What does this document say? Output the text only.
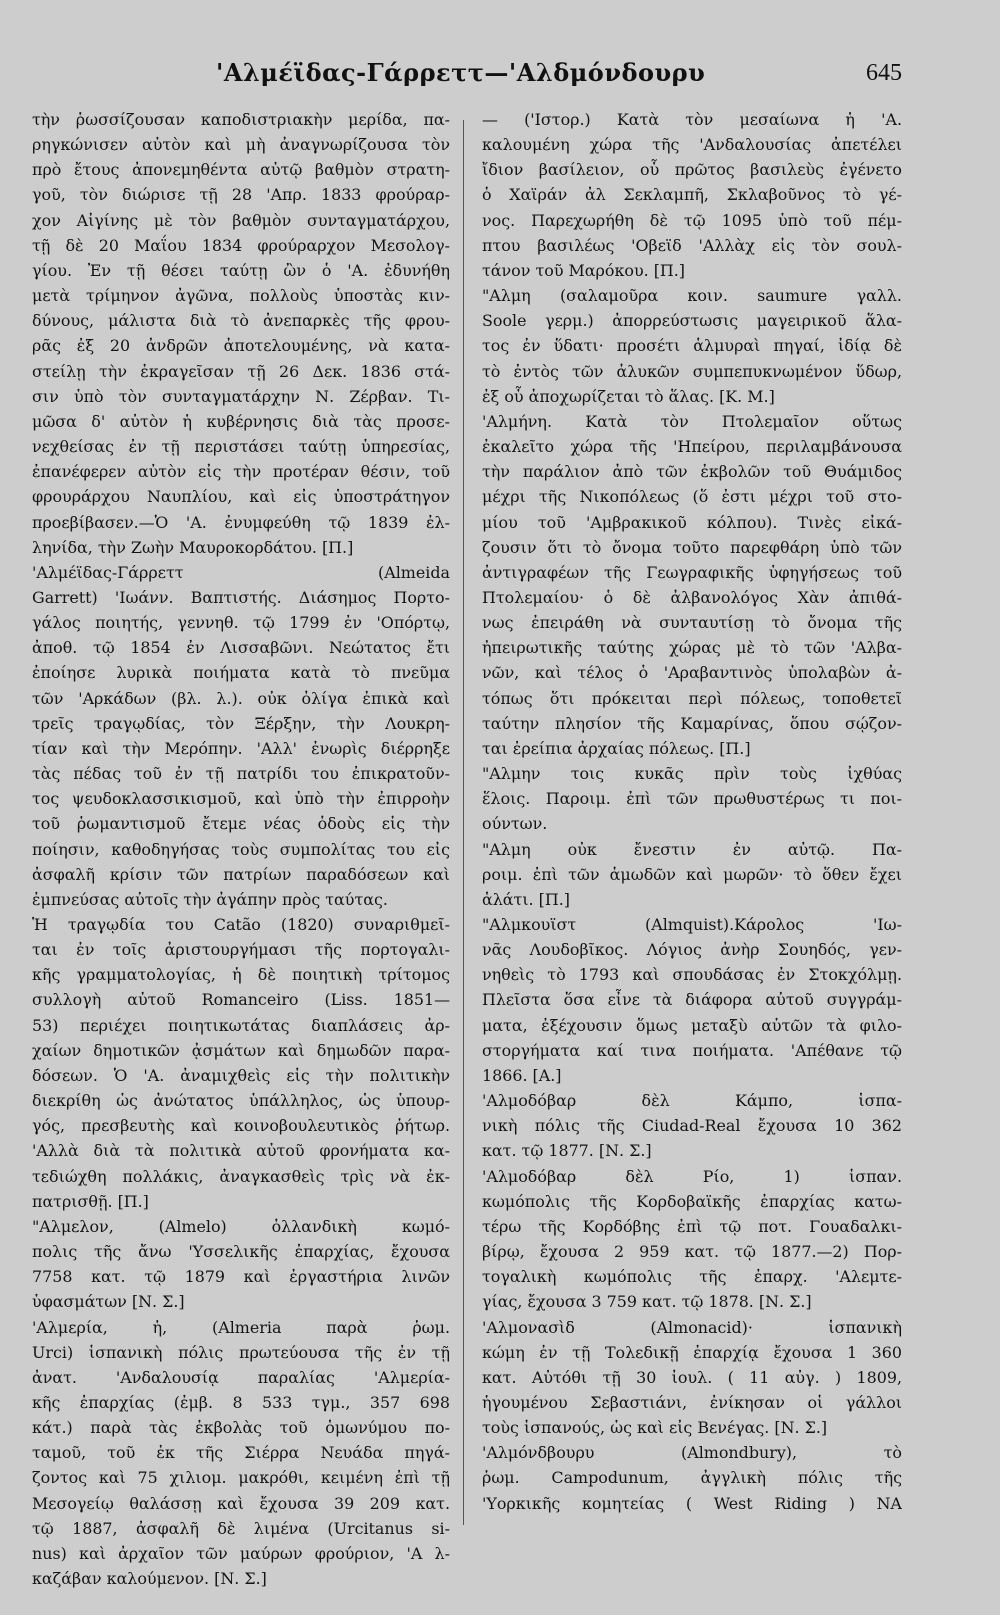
'Αλμέϊδας-Γάρρεττ—'Αλδμόνδουρυ	645
τὴν ῥωσσίζουσαν καποδιστριακὴν μερίδα, πα-
ρηγκώνισεν αὐτὸν καὶ μὴ ἀναγνωρίζουσα τὸν
πρὸ ἔτους ἀπονεμηθέντα αὐτῷ βαθμὸν στρατη-
γοῦ, τὸν διώρισε τῇ 28 'Απρ. 1833 φρούραρ-
χον Αἰγίνης μὲ τὸν βαθμὸν συνταγματάρχου,
τῇ δὲ 20 Μαΐου 1834 φρούραρχον Μεσολογ-
γίου. Ἐν τῇ θέσει ταύτῃ ὢν ὁ 'Α. ἐδυνήθη
μετὰ τρίμηνον ἀγῶνα, πολλοὺς ὑποστὰς κιν-
δύνους, μάλιστα διὰ τὸ ἀνεπαρκὲς τῆς φρου-
ρᾶς ἐξ 20 ἀνδρῶν ἀποτελουμένης, νὰ κατα-
στείλῃ τὴν ἐκραγεῖσαν τῇ 26 Δεκ. 1836 στά-
σιν ὑπὸ τὸν συνταγματάρχην Ν. Ζέρβαν. Τι-
μῶσα δ' αὐτὸν ἡ κυβέρνησις διὰ τὰς προσε-
νεχθείσας ἐν τῇ περιστάσει ταύτῃ ὑπηρεσίας,
ἐπανέφερεν αὐτὸν εἰς τὴν προτέραν θέσιν, τοῦ
φρουράρχου Ναυπλίου, καὶ εἰς ὑποστράτηγον
προεβίβασεν.—Ὁ 'Α. ἐνυμφεύθη τῷ 1839 ἐλ-
ληνίδα, τὴν Ζωὴν Μαυροκορδάτου. [Π.]
'Αλμέϊδας-Γάρρεττ (Almeida
Garrett) 'Ιωάνν. Βαπτιστής. Διάσημος Πορτο-
γάλος ποιητής, γεννηθ. τῷ 1799 ἐν 'Οπόρτῳ,
ἀποθ. τῷ 1854 ἐν Λισσαβῶνι. Νεώτατος ἔτι
ἐποίησε λυρικὰ ποιήματα κατὰ τὸ πνεῦμα
τῶν 'Αρκάδων (βλ. λ.). οὐκ ὀλίγα ἐπικὰ καὶ
τρεῖς τραγῳδίας, τὸν Ξέρξην, τὴν Λουκρη-
τίαν καὶ τὴν Μερόπην. 'Αλλ' ἐνωρὶς διέρρηξε
τὰς πέδας τοῦ ἐν τῇ πατρίδι του ἐπικρατοῦν-
τος ψευδοκλασσικισμοῦ, καὶ ὑπὸ τὴν ἐπιρροὴν
τοῦ ῥωμαντισμοῦ ἔτεμε νέας ὁδοὺς εἰς τὴν
ποίησιν, καθοδηγήσας τοὺς συμπολίτας του εἰς
ἀσφαλῆ κρίσιν τῶν πατρίων παραδόσεων καὶ
ἐμπνεύσας αὐτοῖς τὴν ἀγάπην πρὸς ταύτας.
Ἡ τραγῳδία του Catão (1820) συναριθμεῖ-
ται ἐν τοῖς ἀριστουργήμασι τῆς πορτογαλι-
κῆς γραμματολογίας, ἡ δὲ ποιητικὴ τρίτομος
συλλογὴ αὐτοῦ Romanceiro (Liss. 1851—
53) περιέχει ποιητικωτάτας διαπλάσεις ἀρ-
χαίων δημοτικῶν ᾀσμάτων καὶ δημωδῶν παρα-
δόσεων. Ὁ 'Α. ἀναμιχθεὶς εἰς τὴν πολιτικὴν
διεκρίθη ὡς ἀνώτατος ὑπάλληλος, ὡς ὑπουρ-
γός, πρεσβευτὴς καὶ κοινοβουλευτικὸς ῥήτωρ.
'Αλλὰ διὰ τὰ πολιτικὰ αὐτοῦ φρονήματα κα-
τεδιώχθη πολλάκις, ἀναγκασθεὶς τρὶς νὰ ἐκ-
πατρισθῇ. [Π.]
"Αλμελον, (Almelo) ὁλλανδικὴ κωμό-
πολις τῆς ἄνω 'Υσσελικῆς ἐπαρχίας, ἔχουσα
7758 κατ. τῷ 1879 καὶ ἐργαστήρια λινῶν
ὑφασμάτων [Ν. Σ.]
'Αλμερία, ἡ, (Almeria παρὰ ῥωμ.
Urci) ἱσπανικὴ πόλις πρωτεύουσα τῆς ἐν τῇ
ἀνατ. 'Ανδαλουσίᾳ παραλίας 'Αλμερία-
κῆς ἐπαρχίας (ἐμβ. 8 533 τγμ., 357 698
κάτ.) παρὰ τὰς ἐκβολὰς τοῦ ὁμωνύμου πο-
ταμοῦ, τοῦ ἐκ τῆς Σιέρρα Νευάδα πηγά-
ζοντος καὶ 75 χιλιομ. μακρόθι, κειμένη ἐπὶ τῇ
Μεσογείῳ θαλάσσῃ καὶ ἔχουσα 39 209 κατ.
τῷ 1887, ἀσφαλῆ δὲ λιμένα (Urcitanus si-
nus) καὶ ἀρχαῖον τῶν μαύρων φρούριον, 'Α λ-
καζάβαν καλούμενον. [Ν. Σ.]
— ('Ιστορ.) Κατὰ τὸν μεσαίωνα ἡ 'Α.
καλουμένη χώρα τῆς 'Ανδαλουσίας ἀπετέλει
ἴδιον βασίλειον, οὗ πρῶτος βασιλεὺς ἐγένετο
ὁ Χαϊράν ἀλ Σεκλαμπῆ, Σκλαβοῦνος τὸ γέ-
νος. Παρεχωρήθη δὲ τῷ 1095 ὑπὸ τοῦ πέμ-
πτου βασιλέως 'Οβεϊδ 'Αλλὰχ εἰς τὸν σουλ-
τάνον τοῦ Μαρόκου. [Π.]
"Αλμη (σαλαμοῦρα κοιν. saumure γαλλ.
Soole γερμ.) ἀπορρεύστωσις μαγειρικοῦ ἅλα-
τος ἐν ὕδατι· προσέτι ἁλμυραὶ πηγαί, ἰδίᾳ δὲ
τὸ ἐντὸς τῶν ἁλυκῶν συμπεπυκνωμένον ὕδωρ,
ἐξ οὗ ἀποχωρίζεται τὸ ἅλας. [Κ. Μ.]
'Αλμήνη. Κατὰ τὸν Πτολεμαῖον οὕτως
ἐκαλεῖτο χώρα τῆς 'Ηπείρου, περιλαμβάνουσα
τὴν παράλιον ἀπὸ τῶν ἐκβολῶν τοῦ Θυάμιδος
μέχρι τῆς Νικοπόλεως (ὅ ἐστι μέχρι τοῦ στο-
μίου τοῦ 'Αμβρακικοῦ κόλπου). Τινὲς εἰκά-
ζουσιν ὅτι τὸ ὄνομα τοῦτο παρεφθάρη ὑπὸ τῶν
ἀντιγραφέων τῆς Γεωγραφικῆς ὑφηγήσεως τοῦ
Πτολεμαίου· ὁ δὲ ἀλβανολόγος Χὰν ἀπιθά-
νως ἐπειράθη νὰ συνταυτίσῃ τὸ ὄνομα τῆς
ἠπειρωτικῆς ταύτης χώρας μὲ τὸ τῶν 'Αλβα-
νῶν, καὶ τέλος ὁ 'Αραβαντινὸς ὑπολαβὼν ἀ-
τόπως ὅτι πρόκειται περὶ πόλεως, τοποθετεῖ
ταύτην πλησίον τῆς Καμαρίνας, ὅπου σῴζον-
ται ἐρείπια ἀρχαίας πόλεως. [Π.]
"Αλμην τοις κυκᾶς πρὶν τοὺς ἰχθύας
ἕλοις. Παροιμ. ἐπὶ τῶν πρωθυστέρως τι ποι-
ούντων.
"Αλμη οὐκ ἔνεστιν ἐν αὐτῷ. Πα-
ροιμ. ἐπὶ τῶν ἁμωδῶν καὶ μωρῶν· τὸ ὅθεν ἔχει
ἁλάτι. [Π.]
"Αλμκουϊστ (Almquist).Κάρολος 'Ιω-
νᾶς Λουδοβῖκος. Λόγιος ἀνὴρ Σουηδός, γεν-
νηθεὶς τὸ 1793 καὶ σπουδάσας ἐν Στοκχόλμῃ.
Πλεῖστα ὅσα εἶνε τὰ διάφορα αὐτοῦ συγγράμ-
ματα, ἐξέχουσιν ὅμως μεταξὺ αὐτῶν τὰ φιλο-
στοργήματα καί τινα ποιήματα. 'Απέθανε τῷ
1866. [Α.]
'Αλμοδόβαρ δὲλ Κάμπο, ἱσπα-
νικὴ πόλις τῆς Ciudad-Real ἔχουσα 10 362
κατ. τῷ 1877. [Ν. Σ.]
'Αλμοδόβαρ δὲλ Ρίο, 1) ἱσπαν.
κωμόπολις τῆς Κορδοβαϊκῆς ἐπαρχίας κατω-
τέρω τῆς Κορδόβης ἐπὶ τῷ ποτ. Γουαδαλκι-
βίρῳ, ἔχουσα 2 959 κατ. τῷ 1877.—2) Πορ-
τογαλικὴ κωμόπολις τῆς ἐπαρχ. 'Αλεμτε-
γίας, ἔχουσα 3 759 κατ. τῷ 1878. [Ν. Σ.]
'Αλμονασὶδ (Almonacid)· ἱσπανικὴ
κώμη ἐν τῇ Τολεδικῇ ἐπαρχίᾳ ἔχουσα 1 360
κατ. Αὐτόθι τῇ 30 ἰουλ. ( 11 αὐγ. ) 1809,
ἡγουμένου Σεβαστιάνι, ἐνίκησαν οἱ γάλλοι
τοὺς ἱσπανούς, ὡς καὶ εἰς Βενέγας. [Ν. Σ.]
'Αλμόνδβουρυ (Almondbury), τὸ
ῥωμ. Campodunum, ἀγγλικὴ πόλις τῆς
'Υορκικῆς κομητείας ( West Riding ) ΝΑ
